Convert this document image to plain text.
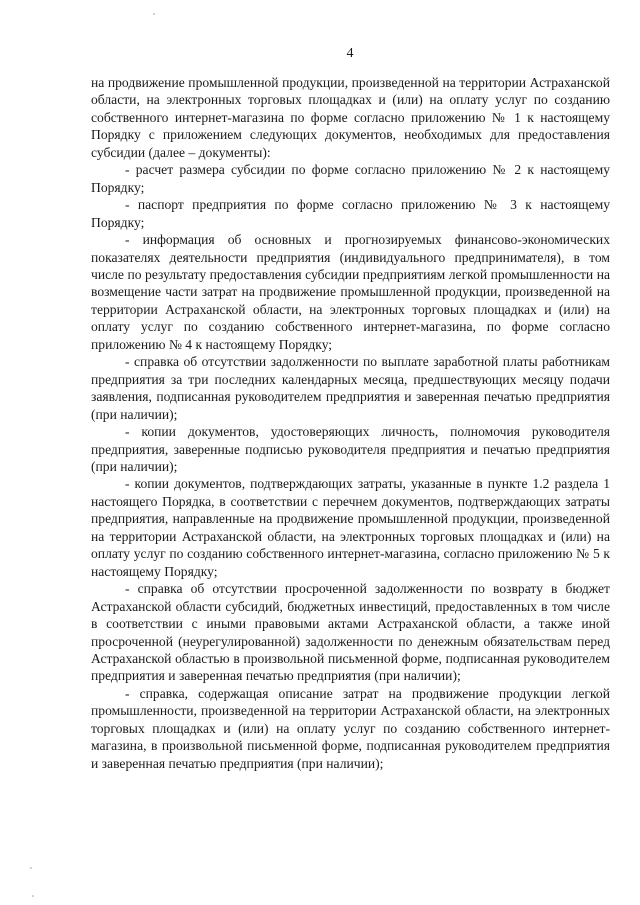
4

на продвижение промышленной продукции, произведенной на территории Астраханской области, на электронных торговых площадках и (или) на оплату услуг по созданию собственного интернет-магазина по форме согласно приложению № 1 к настоящему Порядку с приложением следующих документов, необходимых для предоставления субсидии (далее – документы):

- расчет размера субсидии по форме согласно приложению № 2 к настоящему Порядку;

- паспорт предприятия по форме согласно приложению № 3 к настоящему Порядку;

- информация об основных и прогнозируемых финансово-экономических показателях деятельности предприятия (индивидуального предпринимателя), в том числе по результату предоставления субсидии предприятиям легкой промышленности на возмещение части затрат на продвижение промышленной продукции, произведенной на территории Астраханской области, на электронных торговых площадках и (или) на оплату услуг по созданию собственного интернет-магазина, по форме согласно приложению № 4 к настоящему Порядку;

- справка об отсутствии задолженности по выплате заработной платы работникам предприятия за три последних календарных месяца, предшествующих месяцу подачи заявления, подписанная руководителем предприятия и заверенная печатью предприятия (при наличии);

- копии документов, удостоверяющих личность, полномочия руководителя предприятия, заверенные подписью руководителя предприятия и печатью предприятия (при наличии);

- копии документов, подтверждающих затраты, указанные в пункте 1.2 раздела 1 настоящего Порядка, в соответствии с перечнем документов, подтверждающих затраты предприятия, направленные на продвижение промышленной продукции, произведенной на территории Астраханской области, на электронных торговых площадках и (или) на оплату услуг по созданию собственного интернет-магазина, согласно приложению № 5 к настоящему Порядку;

- справка об отсутствии просроченной задолженности по возврату в бюджет Астраханской области субсидий, бюджетных инвестиций, предоставленных в том числе в соответствии с иными правовыми актами Астраханской области, а также иной просроченной (неурегулированной) задолженности по денежным обязательствам перед Астраханской областью в произвольной письменной форме, подписанная руководителем предприятия и заверенная печатью предприятия (при наличии);

- справка, содержащая описание затрат на продвижение продукции легкой промышленности, произведенной на территории Астраханской области, на электронных торговых площадках и (или) на оплату услуг по созданию собственного интернет-магазина, в произвольной письменной форме, подписанная руководителем предприятия и заверенная печатью предприятия (при наличии);
